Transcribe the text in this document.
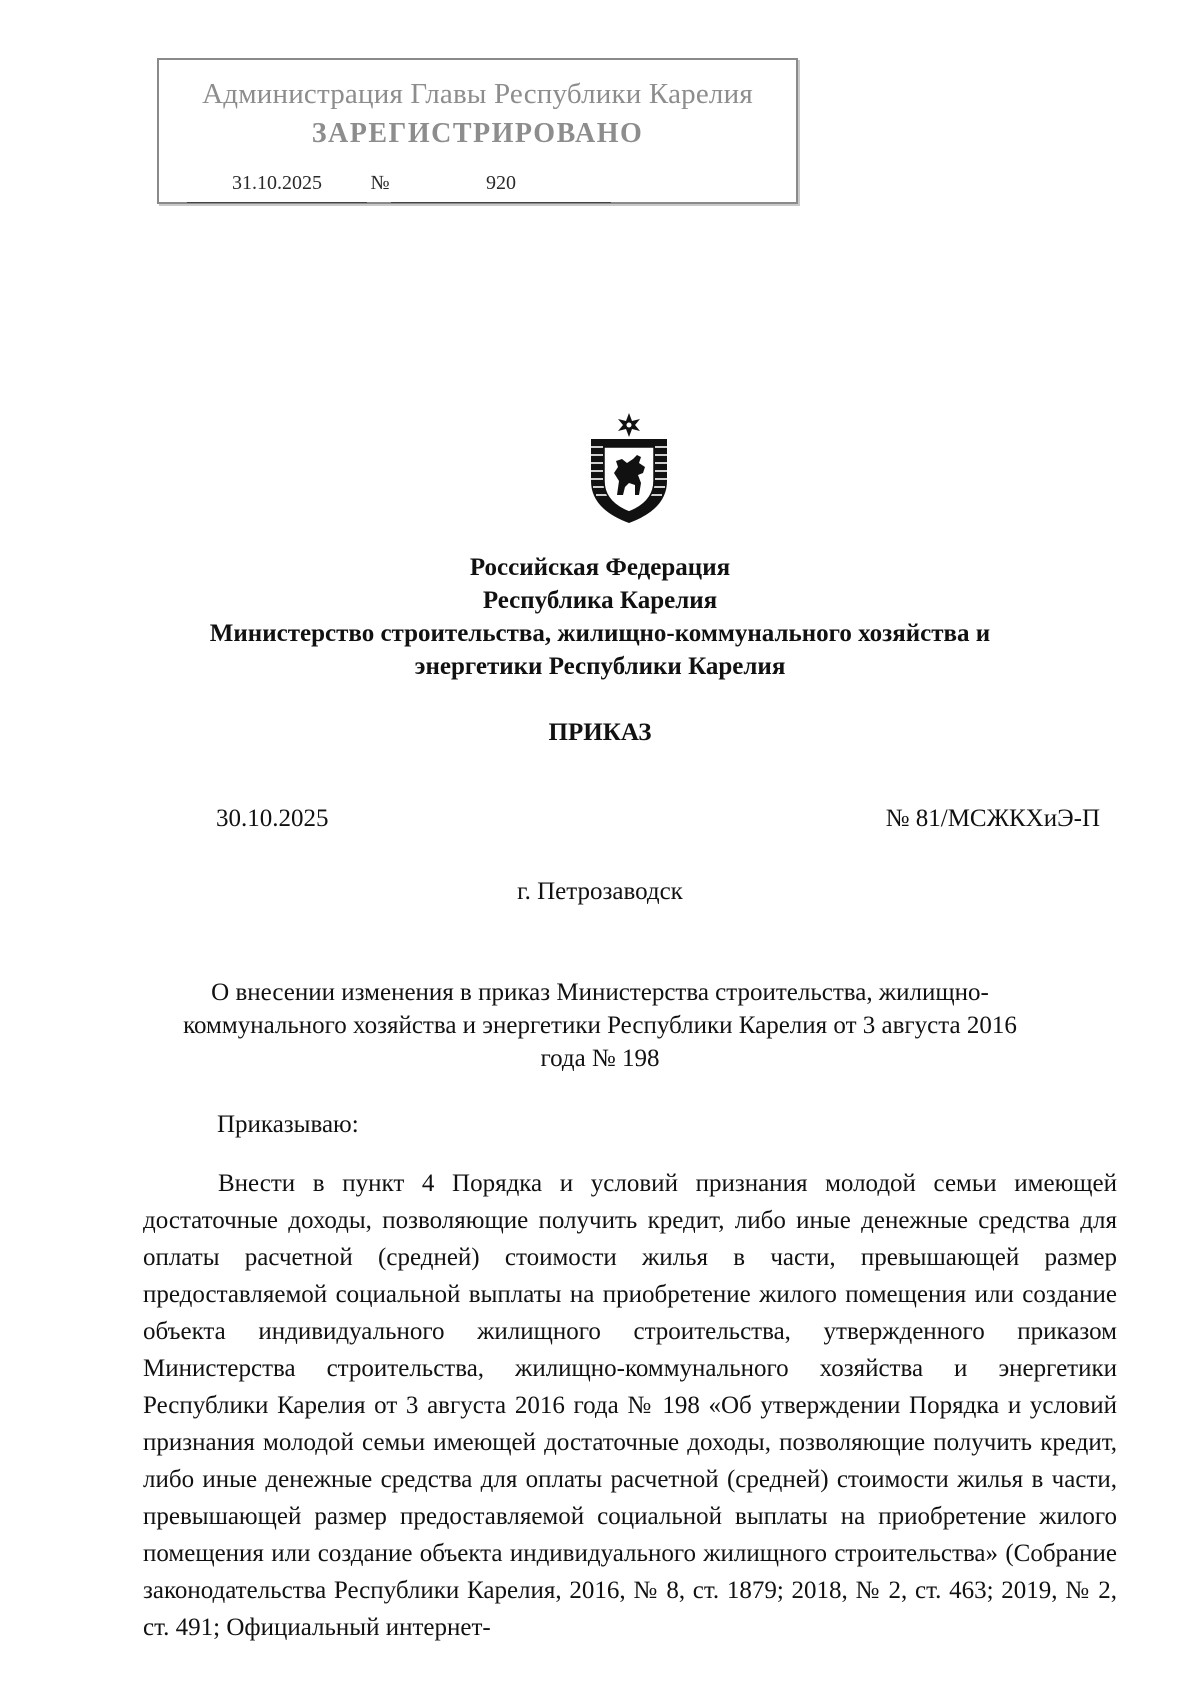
Администрация Главы Республики Карелия
ЗАРЕГИСТРИРОВАНО
31.10.2025	№	920
Российская Федерация
Республика Карелия
Министерство строительства, жилищно-коммунального хозяйства и
энергетики Республики Карелия
ПРИКАЗ
30.10.2025	№ 81/МСЖКХиЭ-П
г. Петрозаводск
О внесении изменения в приказ Министерства строительства, жилищно-
коммунального хозяйства и энергетики Республики Карелия от 3 августа 2016
года № 198
Приказываю:
Внести в пункт 4 Порядка и условий признания молодой семьи имеющей достаточные доходы, позволяющие получить кредит, либо иные денежные средства для оплаты расчетной (средней) стоимости жилья в части, превышающей размер предоставляемой социальной выплаты на приобретение жилого помещения или создание объекта индивидуального жилищного строительства, утвержденного приказом Министерства строительства, жилищно-коммунального хозяйства и энергетики Республики Карелия от 3 августа 2016 года № 198 «Об утверждении Порядка и условий признания молодой семьи имеющей достаточные доходы, позволяющие получить кредит, либо иные денежные средства для оплаты расчетной (средней) стоимости жилья в части, превышающей размер предоставляемой социальной выплаты на приобретение жилого помещения или создание объекта индивидуального жилищного строительства» (Собрание законодательства Республики Карелия, 2016, № 8, ст. 1879; 2018, № 2, ст. 463; 2019, № 2, ст. 491; Официальный интернет-
